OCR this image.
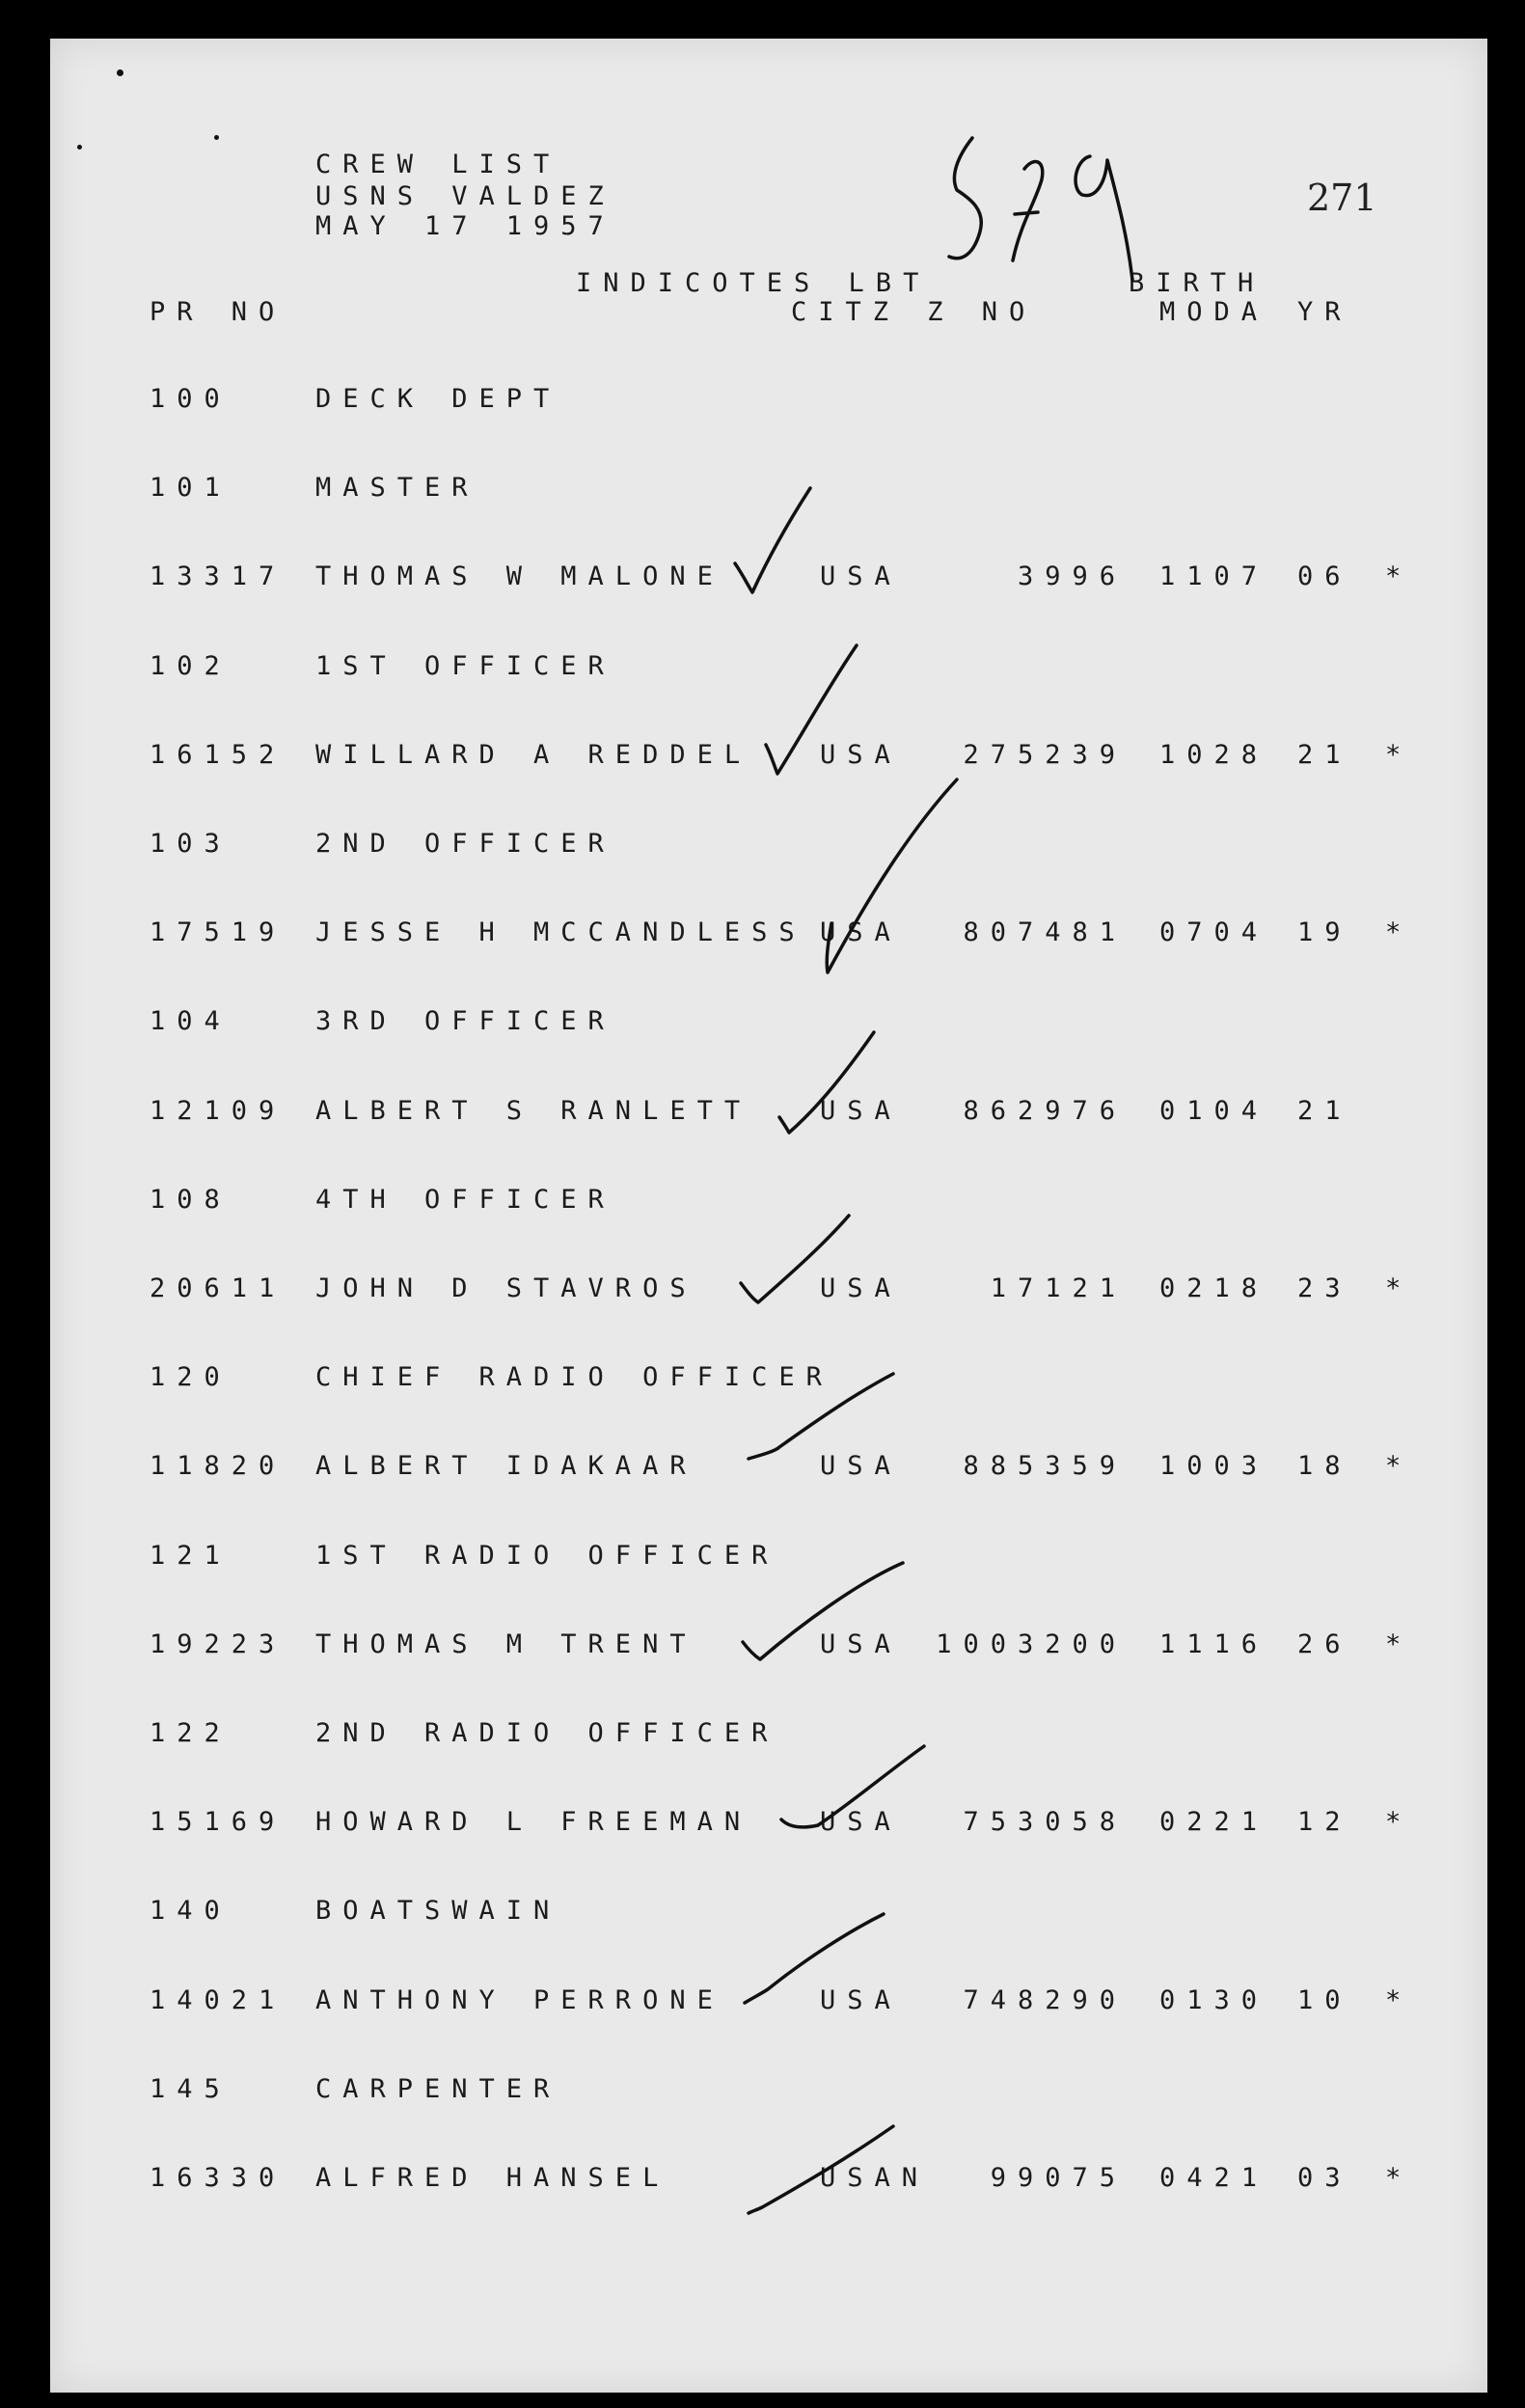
CREW LIST
USNS VALDEZ
MAY 17 1957
271
INDICOTES LBT
PR NO	CITZ Z NO
BIRTH
MODA YR
100	DECK DEPT
101	MASTER
13317 THOMAS W MALONE	USA	3996 1107 06 *
102	1ST OFFICER
16152 WILLARD A REDDEL	USA 275239 1028 21 *
103	2ND OFFICER
17519 JESSE H MCCANDLESS USA 807481 0704 19 *
104	3RD OFFICER
12109 ALBERT S RANLETT	USA 862976 0104 21
108	4TH OFFICER
20611 JOHN D STAVROS	USA	17121 0218 23 *
120	CHIEF RADIO OFFICER
11820 ALBERT IDAKAAR	USA 885359 1003 18 *
121	1ST RADIO OFFICER
19223 THOMAS M TRENT	USA 1003200 1116 26 *
122	2ND RADIO OFFICER
15169 HOWARD L FREEMAN	USA 753058 0221 12 *
140	BOATSWAIN
14021 ANTHONY PERRONE	USA 748290 0130 10 *
145	CARPENTER
16330 ALFRED HANSEL	USAN 99075 0421 03 *
